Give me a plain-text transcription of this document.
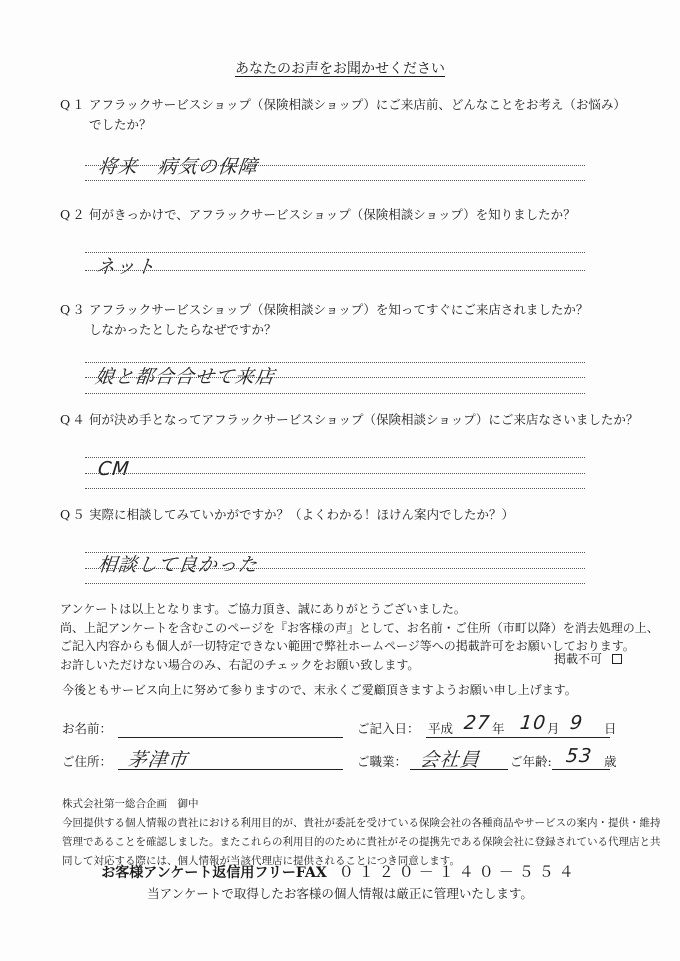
あなたのお声をお聞かせください
Q１ アフラックサービスショップ（保険相談ショップ）にご来店前、どんなことをお考え（お悩み）
でしたか？
将来　病気の保障
Q２ 何がきっかけで、アフラックサービスショップ（保険相談ショップ）を知りましたか？
ネット
Q３ アフラックサービスショップ（保険相談ショップ）を知ってすぐにご来店されましたか？
しなかったとしたらなぜですか？
娘と都合合せて来店
Q４ 何が決め手となってアフラックサービスショップ（保険相談ショップ）にご来店なさいましたか？
CM
Q５ 実際に相談してみていかがですか？（よくわかる！ほけん案内でしたか？）
相談して良かった
アンケートは以上となります。ご協力頂き、誠にありがとうございました。
尚、上記アンケートを含むこのページを『お客様の声』として、お名前・ご住所（市町以降）を消去処理の上、
ご記入内容からも個人が一切特定できない範囲で弊社ホームページ等への掲載許可をお願いしております。
お許しいただけない場合のみ、右記のチェックをお願い致します。	掲載不可
今後ともサービス向上に努めて参りますので、末永くご愛顧頂きますようお願い申し上げます。
お名前：
ご住所： 茅津市
ご記入日： 平成 27 年 10 月 9 日
ご職業： 会社員 ご年齢: 53 歳
株式会社第一総合企画　御中
今回提供する個人情報の貴社における利用目的が、貴社が委託を受けている保険会社の各種商品やサービスの案内・提供・維持
管理であることを確認しました。またこれらの利用目的のために貴社がその提携先である保険会社に登録されている代理店と共
同して対応する際には、個人情報が当該代理店に提供されることにつき同意します。
お客様アンケート返信用フリーFAX ０１２０－１４０－５５４
当アンケートで取得したお客様の個人情報は厳正に管理いたします。
